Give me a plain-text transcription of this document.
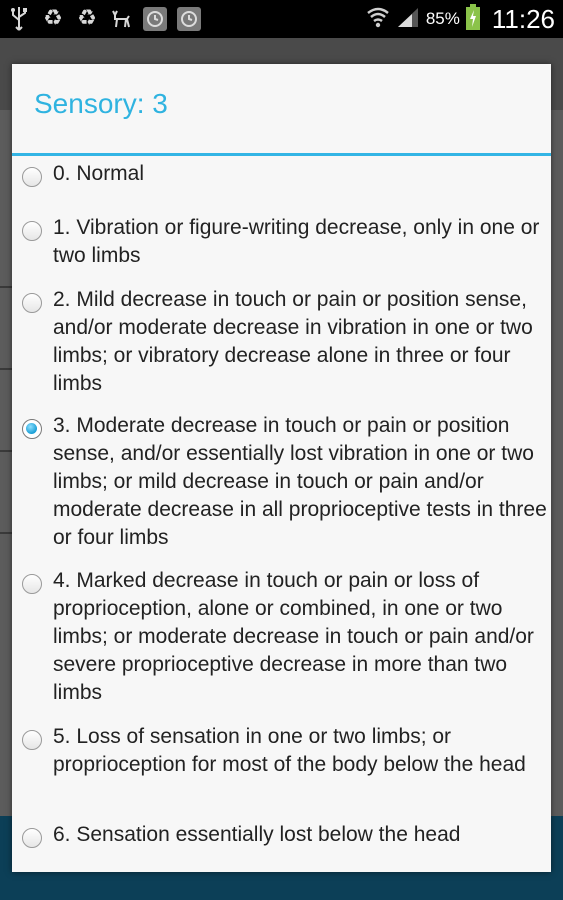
♻ ♻	85% 11:26
Sensory: 3
0. Normal
1. Vibration or figure-writing decrease, only in one or two limbs
2. Mild decrease in touch or pain or position sense, and/or moderate decrease in vibration in one or two limbs; or vibratory decrease alone in three or four limbs
3. Moderate decrease in touch or pain or position sense, and/or essentially lost vibration in one or two limbs; or mild decrease in touch or pain and/or moderate decrease in all proprioceptive tests in three or four limbs
4. Marked decrease in touch or pain or loss of proprioception, alone or combined, in one or two limbs; or moderate decrease in touch or pain and/or severe proprioceptive decrease in more than two limbs
5. Loss of sensation in one or two limbs; or proprioception for most of the body below the head
6. Sensation essentially lost below the head
